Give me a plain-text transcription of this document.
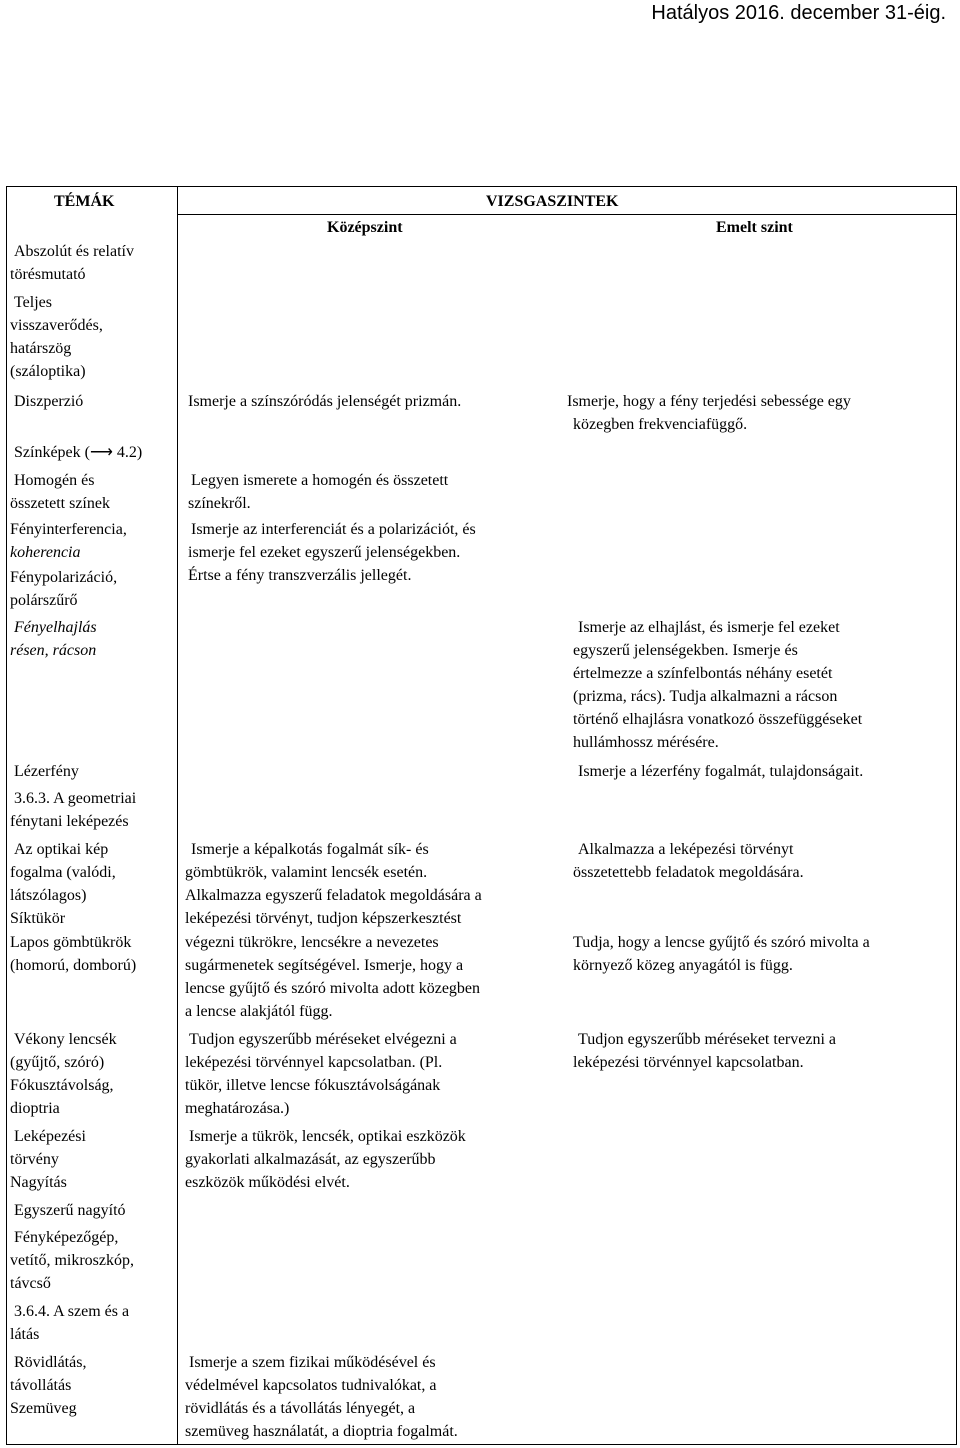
Hatályos 2016. december 31-éig.
TÉMÁK	VIZSGASZINTEK
Középszint	Emelt szint
Abszolút és relatív
törésmutató
Teljes
visszaverődés,
határszög
(száloptika)
Diszperzió
Színképek (⟶ 4.2)
Homogén és
összetett színek
Fényinterferencia,
koherencia
Fénypolarizáció,
polárszűrő
Fényelhajlás
résen, rácson
Lézerfény
3.6.3. A geometriai
fénytani leképezés
Az optikai kép
fogalma (valódi,
látszólagos)
Síktükör
Lapos gömbtükrök
(homorú, domború)
Vékony lencsék
(gyűjtő, szóró)
Fókusztávolság,
dioptria
Leképezési
törvény
Nagyítás
Egyszerű nagyító
Fényképezőgép,
vetítő, mikroszkóp,
távcső
3.6.4. A szem és a
látás
Rövidlátás,
távollátás
Szemüveg
Ismerje a színszóródás jelenségét prizmán.
Legyen ismerete a homogén és összetett
színekről.
Ismerje az interferenciát és a polarizációt, és
ismerje fel ezeket egyszerű jelenségekben.
Értse a fény transzverzális jellegét.
Ismerje a képalkotás fogalmát sík- és
gömbtükrök, valamint lencsék esetén.
Alkalmazza egyszerű feladatok megoldására a
leképezési törvényt, tudjon képszerkesztést
végezni tükrökre, lencsékre a nevezetes
sugármenetek segítségével. Ismerje, hogy a
lencse gyűjtő és szóró mivolta adott közegben
a lencse alakjától függ.
Tudjon egyszerűbb méréseket elvégezni a
leképezési törvénnyel kapcsolatban. (Pl.
tükör, illetve lencse fókusztávolságának
meghatározása.)
Ismerje a tükrök, lencsék, optikai eszközök
gyakorlati alkalmazását, az egyszerűbb
eszközök működési elvét.
Ismerje a szem fizikai működésével és
védelmével kapcsolatos tudnivalókat, a
rövidlátás és a távollátás lényegét, a
szemüveg használatát, a dioptria fogalmát.
Ismerje, hogy a fény terjedési sebessége egy
közegben frekvenciafüggő.
Ismerje az elhajlást, és ismerje fel ezeket
egyszerű jelenségekben. Ismerje és
értelmezze a színfelbontás néhány esetét
(prizma, rács). Tudja alkalmazni a rácson
történő elhajlásra vonatkozó összefüggéseket
hullámhossz mérésére.
Ismerje a lézerfény fogalmát, tulajdonságait.
Alkalmazza a leképezési törvényt
összetettebb feladatok megoldására.
Tudja, hogy a lencse gyűjtő és szóró mivolta a
környező közeg anyagától is függ.
Tudjon egyszerűbb méréseket tervezni a
leképezési törvénnyel kapcsolatban.
